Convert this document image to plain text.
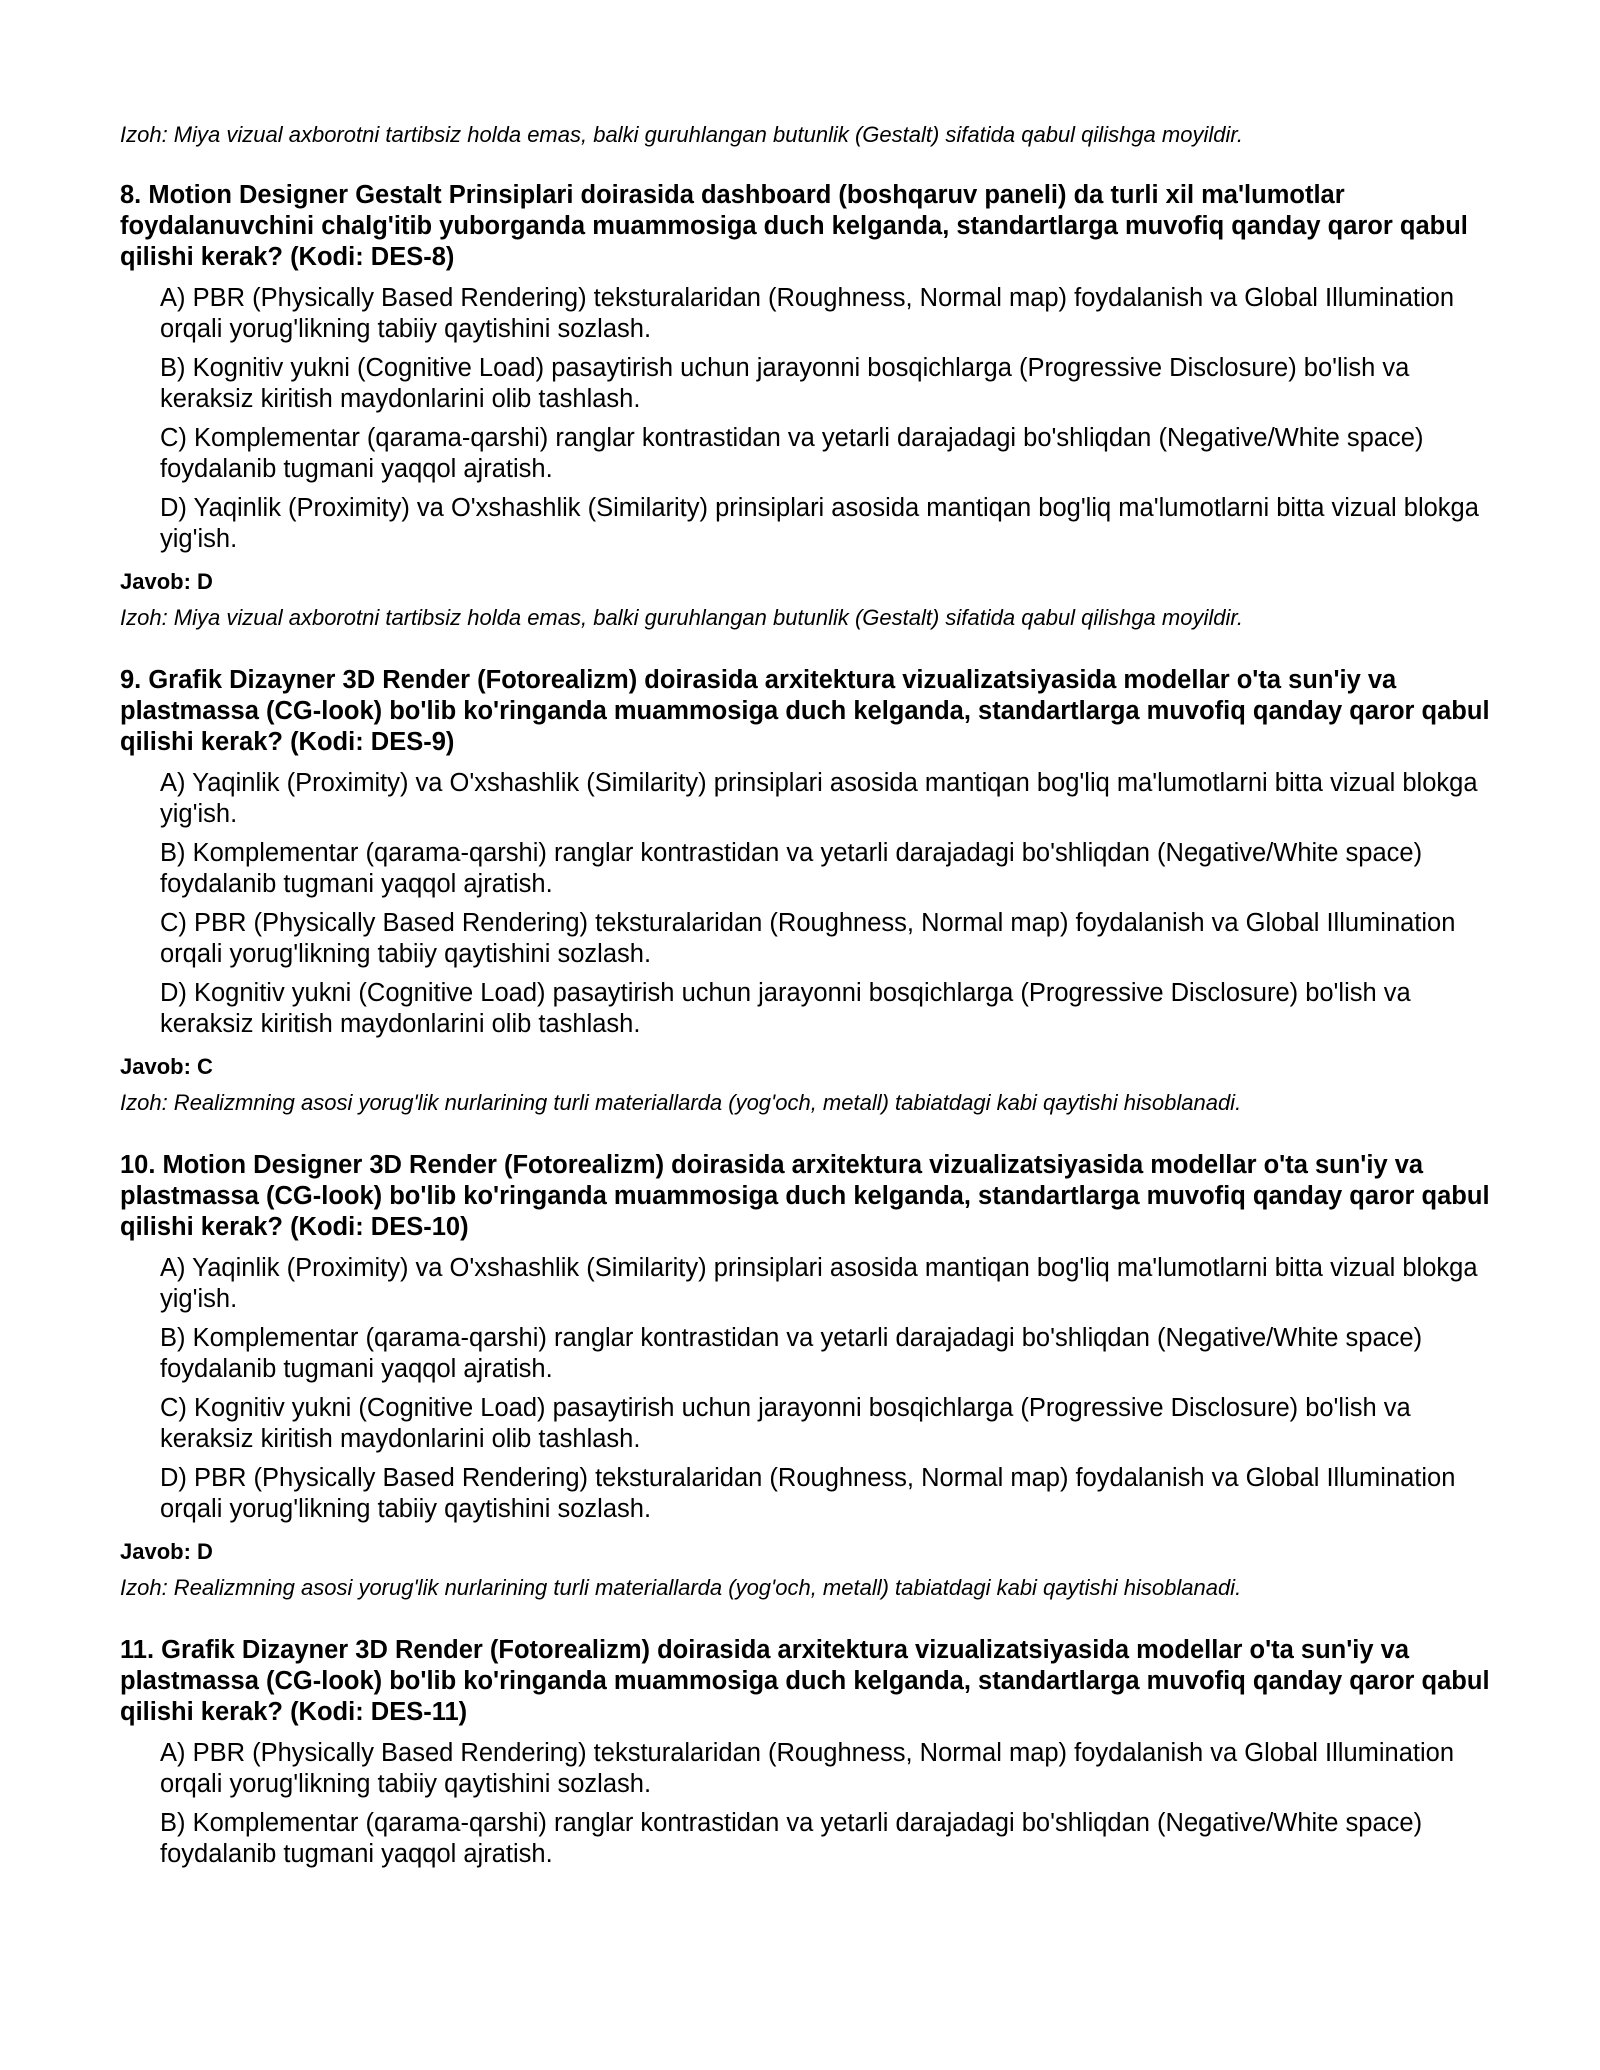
Izoh: Miya vizual axborotni tartibsiz holda emas, balki guruhlangan butunlik (Gestalt) sifatida qabul qilishga moyildir.

8. Motion Designer Gestalt Prinsiplari doirasida dashboard (boshqaruv paneli) da turli xil ma'lumotlar foydalanuvchini chalg'itib yuborganda muammosiga duch kelganda, standartlarga muvofiq qanday qaror qabul qilishi kerak? (Kodi: DES-8)

A) PBR (Physically Based Rendering) teksturalaridan (Roughness, Normal map) foydalanish va Global Illumination orqali yorug'likning tabiiy qaytishini sozlash.

B) Kognitiv yukni (Cognitive Load) pasaytirish uchun jarayonni bosqichlarga (Progressive Disclosure) bo'lish va keraksiz kiritish maydonlarini olib tashlash.

C) Komplementar (qarama-qarshi) ranglar kontrastidan va yetarli darajadagi bo'shliqdan (Negative/White space) foydalanib tugmani yaqqol ajratish.

D) Yaqinlik (Proximity) va O'xshashlik (Similarity) prinsiplari asosida mantiqan bog'liq ma'lumotlarni bitta vizual blokga yig'ish.

Javob: D

Izoh: Miya vizual axborotni tartibsiz holda emas, balki guruhlangan butunlik (Gestalt) sifatida qabul qilishga moyildir.

9. Grafik Dizayner 3D Render (Fotorealizm) doirasida arxitektura vizualizatsiyasida modellar o'ta sun'iy va plastmassa (CG-look) bo'lib ko'ringanda muammosiga duch kelganda, standartlarga muvofiq qanday qaror qabul qilishi kerak? (Kodi: DES-9)

A) Yaqinlik (Proximity) va O'xshashlik (Similarity) prinsiplari asosida mantiqan bog'liq ma'lumotlarni bitta vizual blokga yig'ish.

B) Komplementar (qarama-qarshi) ranglar kontrastidan va yetarli darajadagi bo'shliqdan (Negative/White space) foydalanib tugmani yaqqol ajratish.

C) PBR (Physically Based Rendering) teksturalaridan (Roughness, Normal map) foydalanish va Global Illumination orqali yorug'likning tabiiy qaytishini sozlash.

D) Kognitiv yukni (Cognitive Load) pasaytirish uchun jarayonni bosqichlarga (Progressive Disclosure) bo'lish va keraksiz kiritish maydonlarini olib tashlash.

Javob: C

Izoh: Realizmning asosi yorug'lik nurlarining turli materiallarda (yog'och, metall) tabiatdagi kabi qaytishi hisoblanadi.

10. Motion Designer 3D Render (Fotorealizm) doirasida arxitektura vizualizatsiyasida modellar o'ta sun'iy va plastmassa (CG-look) bo'lib ko'ringanda muammosiga duch kelganda, standartlarga muvofiq qanday qaror qabul qilishi kerak? (Kodi: DES-10)

A) Yaqinlik (Proximity) va O'xshashlik (Similarity) prinsiplari asosida mantiqan bog'liq ma'lumotlarni bitta vizual blokga yig'ish.

B) Komplementar (qarama-qarshi) ranglar kontrastidan va yetarli darajadagi bo'shliqdan (Negative/White space) foydalanib tugmani yaqqol ajratish.

C) Kognitiv yukni (Cognitive Load) pasaytirish uchun jarayonni bosqichlarga (Progressive Disclosure) bo'lish va keraksiz kiritish maydonlarini olib tashlash.

D) PBR (Physically Based Rendering) teksturalaridan (Roughness, Normal map) foydalanish va Global Illumination orqali yorug'likning tabiiy qaytishini sozlash.

Javob: D

Izoh: Realizmning asosi yorug'lik nurlarining turli materiallarda (yog'och, metall) tabiatdagi kabi qaytishi hisoblanadi.

11. Grafik Dizayner 3D Render (Fotorealizm) doirasida arxitektura vizualizatsiyasida modellar o'ta sun'iy va plastmassa (CG-look) bo'lib ko'ringanda muammosiga duch kelganda, standartlarga muvofiq qanday qaror qabul qilishi kerak? (Kodi: DES-11)

A) PBR (Physically Based Rendering) teksturalaridan (Roughness, Normal map) foydalanish va Global Illumination orqali yorug'likning tabiiy qaytishini sozlash.

B) Komplementar (qarama-qarshi) ranglar kontrastidan va yetarli darajadagi bo'shliqdan (Negative/White space) foydalanib tugmani yaqqol ajratish.
